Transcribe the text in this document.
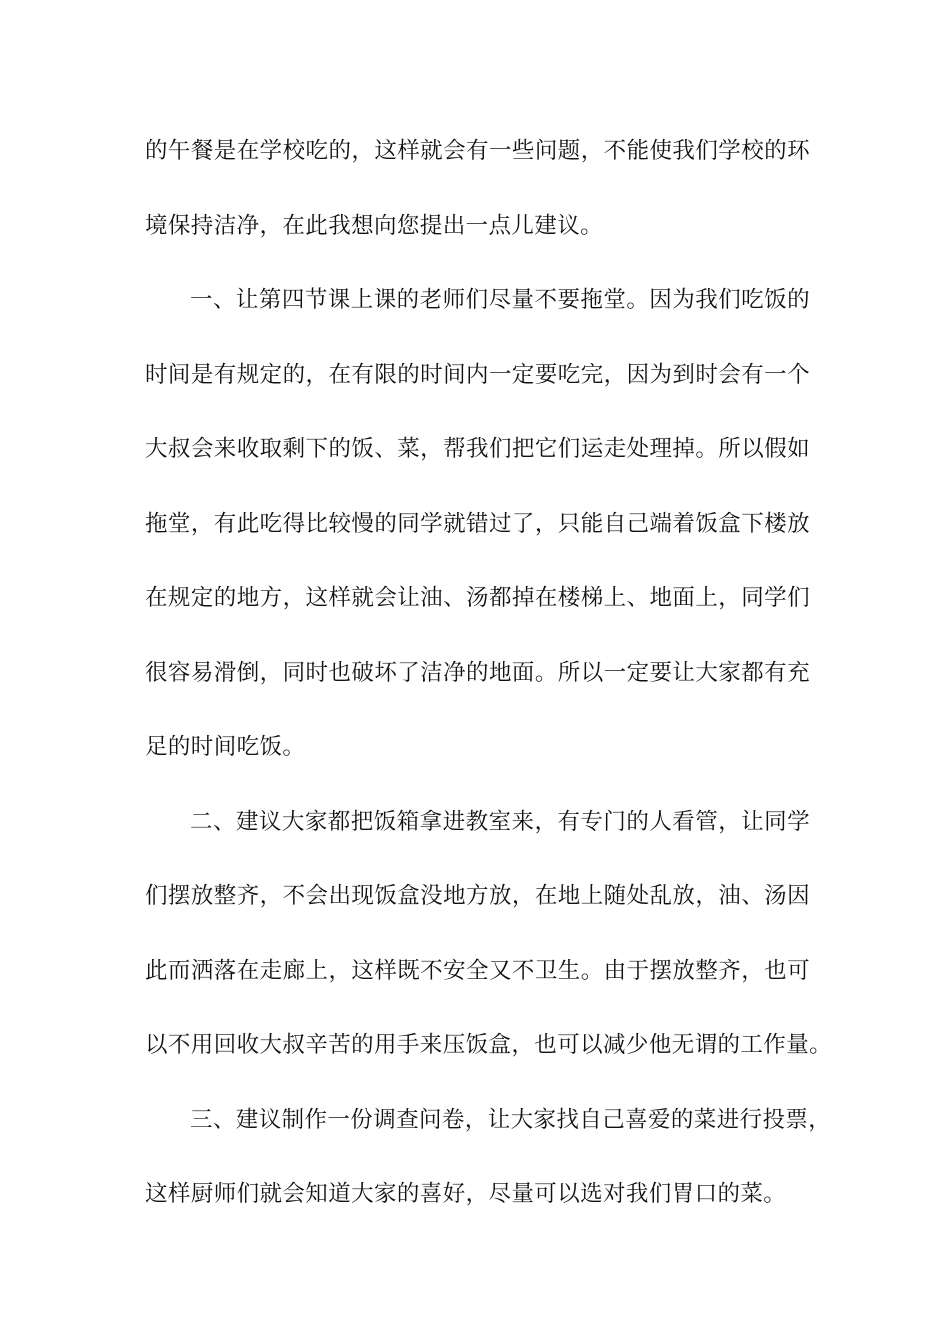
的午餐是在学校吃的，这样就会有一些问题，不能使我们学校的环
境保持洁净，在此我想向您提出一点儿建议。
一、让第四节课上课的老师们尽量不要拖堂。因为我们吃饭的
时间是有规定的，在有限的时间内一定要吃完，因为到时会有一个
大叔会来收取剩下的饭、菜，帮我们把它们运走处理掉。所以假如
拖堂，有此吃得比较慢的同学就错过了，只能自己端着饭盒下楼放
在规定的地方，这样就会让油、汤都掉在楼梯上、地面上，同学们
很容易滑倒，同时也破坏了洁净的地面。所以一定要让大家都有充
足的时间吃饭。
二、建议大家都把饭箱拿进教室来，有专门的人看管，让同学
们摆放整齐，不会出现饭盒没地方放，在地上随处乱放，油、汤因
此而洒落在走廊上，这样既不安全又不卫生。由于摆放整齐，也可
以不用回收大叔辛苦的用手来压饭盒，也可以减少他无谓的工作量。
三、建议制作一份调查问卷，让大家找自己喜爱的菜进行投票，
这样厨师们就会知道大家的喜好，尽量可以选对我们胃口的菜。
